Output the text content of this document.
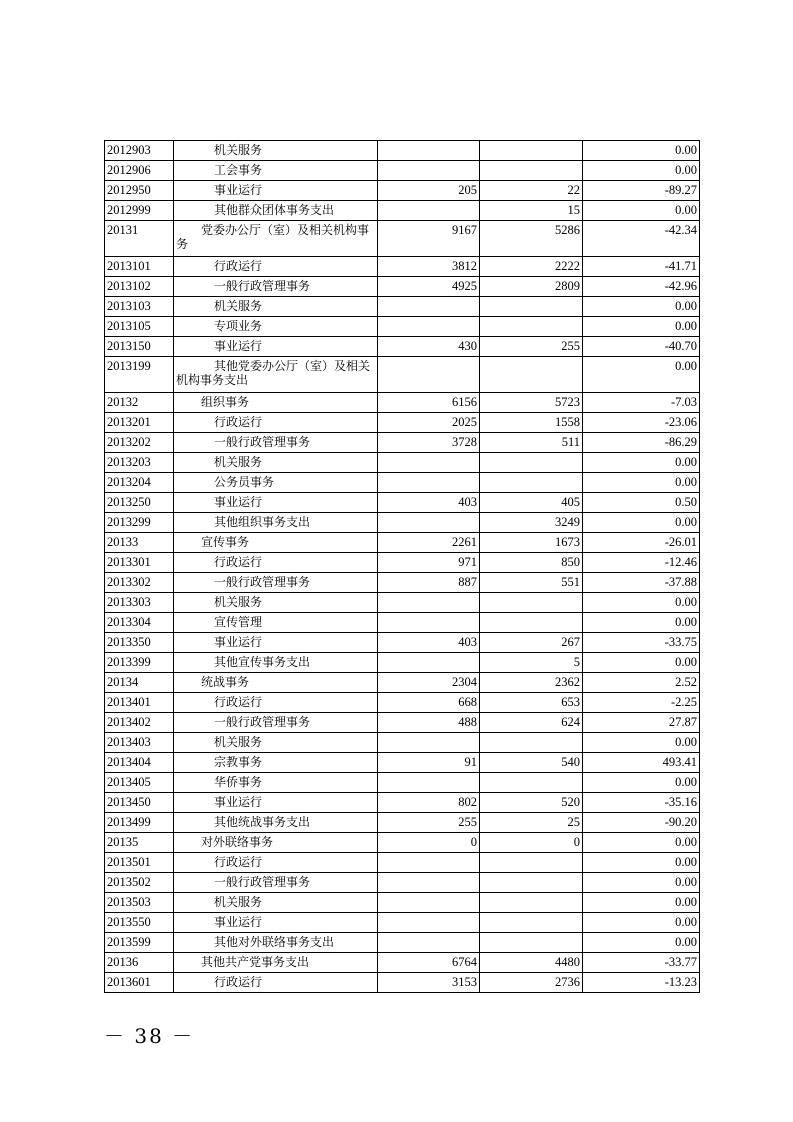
2012903	机关服务			0.00
2012906	工会事务			0.00
2012950	事业运行	205	22	-89.27
2012999	其他群众团体事务支出		15	0.00
20131	党委办公厅（室）及相关机构事务	9167	5286	-42.34
2013101	行政运行	3812	2222	-41.71
2013102	一般行政管理事务	4925	2809	-42.96
2013103	机关服务			0.00
2013105	专项业务			0.00
2013150	事业运行	430	255	-40.70
2013199	其他党委办公厅（室）及相关机构事务支出			0.00
20132	组织事务	6156	5723	-7.03
2013201	行政运行	2025	1558	-23.06
2013202	一般行政管理事务	3728	511	-86.29
2013203	机关服务			0.00
2013204	公务员事务			0.00
2013250	事业运行	403	405	0.50
2013299	其他组织事务支出		3249	0.00
20133	宣传事务	2261	1673	-26.01
2013301	行政运行	971	850	-12.46
2013302	一般行政管理事务	887	551	-37.88
2013303	机关服务			0.00
2013304	宣传管理			0.00
2013350	事业运行	403	267	-33.75
2013399	其他宣传事务支出		5	0.00
20134	统战事务	2304	2362	2.52
2013401	行政运行	668	653	-2.25
2013402	一般行政管理事务	488	624	27.87
2013403	机关服务			0.00
2013404	宗教事务	91	540	493.41
2013405	华侨事务			0.00
2013450	事业运行	802	520	-35.16
2013499	其他统战事务支出	255	25	-90.20
20135	对外联络事务	0	0	0.00
2013501	行政运行			0.00
2013502	一般行政管理事务			0.00
2013503	机关服务			0.00
2013550	事业运行			0.00
2013599	其他对外联络事务支出			0.00
20136	其他共产党事务支出	6764	4480	-33.77
2013601	行政运行	3153	2736	-13.23
－ 38 －
